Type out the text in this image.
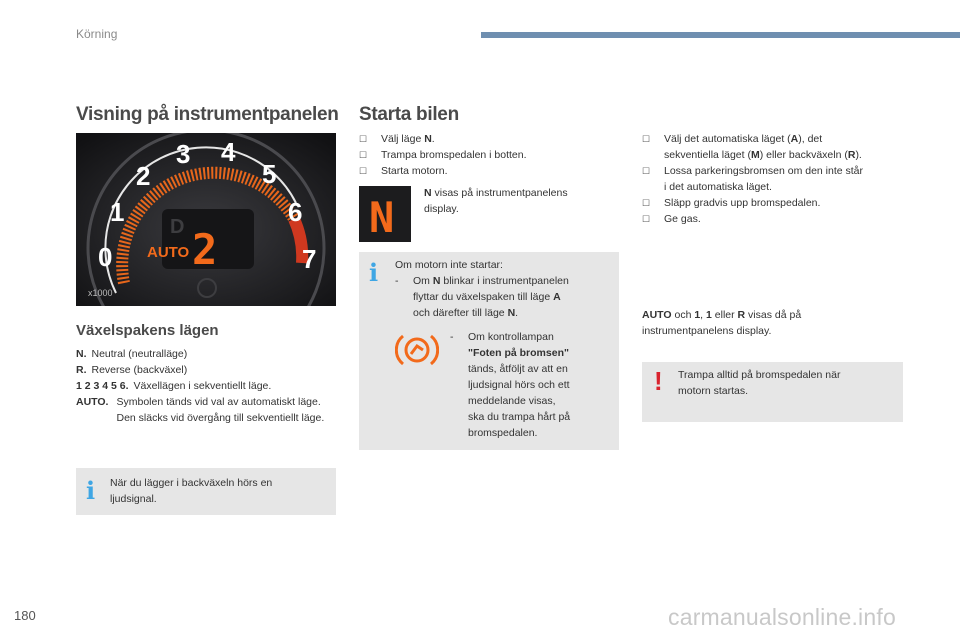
Körning
Visning på instrumentpanelen
0
1
2
3 4
5
6
7
AUTO 2
D
x1000
Växelspakens lägen
N. Neutral (neutralläge)
R. Reverse (backväxel)
1 2 3 4 5 6. Växellägen i sekventiellt läge.
AUTO. Symbolen tänds vid val av automatiskt läge. Den släcks vid övergång till sekventiellt läge.
i När du lägger i backväxeln hörs en
ljudsignal.
Starta bilen
☐	Välj läge N.
☐	Trampa bromspedalen i botten.
☐	Starta motorn.
N	N visas på instrumentpanelens
display.
i Om motorn inte startar:
-	Om N blinkar i instrumentpanelen
flyttar du växelspaken till läge A
och därefter till läge N.
-	Om kontrollampan
"Foten på bromsen"
tänds, åtföljt av att en
ljudsignal hörs och ett
meddelande visas,
ska du trampa hårt på
bromspedalen.
☐	Välj det automatiska läget (A), det
sekventiella läget (M) eller backväxeln (R).
☐	Lossa parkeringsbromsen om den inte står
i det automatiska läget.
☐	Släpp gradvis upp bromspedalen.
☐	Ge gas.
AUTO och 1, 1 eller R visas då på
instrumentpanelens display.
! Trampa alltid på bromspedalen när
motorn startas.
180	carmanualsonline.info
